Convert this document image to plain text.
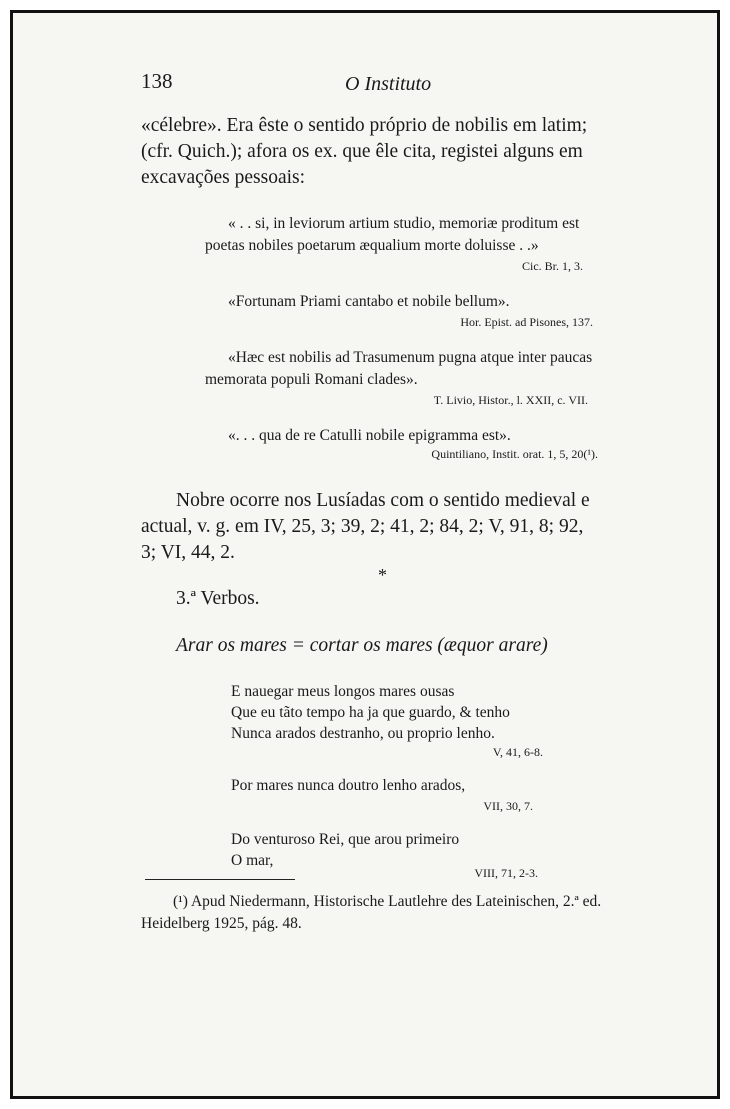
138	O Instituto
«célebre». Era êste o sentido próprio de nobilis em latim;
(cfr. Quich.); afora os ex. que êle cita, registei alguns em
excavações pessoais:
« . . si, in leviorum artium studio, memoriæ proditum est
poetas nobiles poetarum æqualium morte doluisse . .»
Cic. Br. 1, 3.
«Fortunam Priami cantabo et nobile bellum».
Hor. Epist. ad Pisones, 137.
«Hæc est nobilis ad Trasumenum pugna atque inter paucas
memorata populi Romani clades».
T. Livio, Histor., l. XXII, c. VII.
«. . . qua de re Catulli nobile epigramma est».
Quintiliano, Instit. orat. 1, 5, 20(¹).
Nobre ocorre nos Lusíadas com o sentido medieval e
actual, v. g. em IV, 25, 3; 39, 2; 41, 2; 84, 2; V, 91, 8; 92,
3; VI, 44, 2.
*
3.ª Verbos.
Arar os mares = cortar os mares (æquor arare)
E nauegar meus longos mares ousas
Que eu tãto tempo ha ja que guardo, & tenho
Nunca arados destranho, ou proprio lenho.
V, 41, 6-8.
Por mares nunca doutro lenho arados,
VII, 30, 7.
Do venturoso Rei, que arou primeiro
O mar,
VIII, 71, 2-3.
(¹) Apud Niedermann, Historische Lautlehre des Lateinischen, 2.ª ed.
Heidelberg 1925, pág. 48.
